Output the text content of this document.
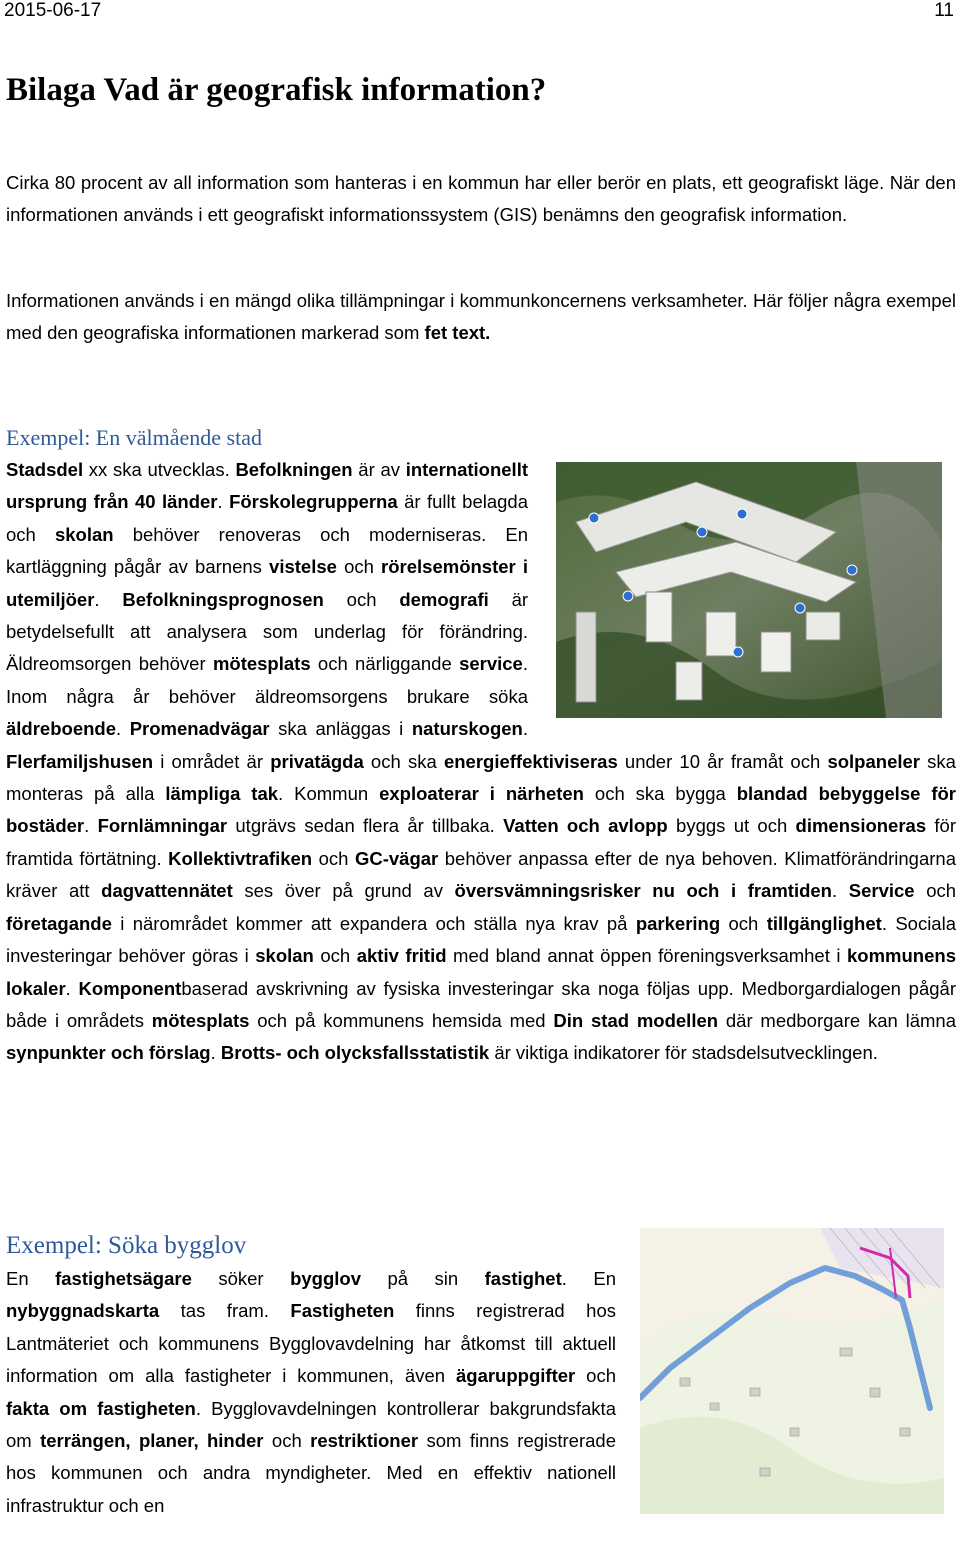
2015-06-17	11
Bilaga Vad är geografisk information?

Cirka 80 procent av all information som hanteras i en kommun har eller berör en plats, ett geografiskt läge. När den informationen används i ett geografiskt informationssystem (GIS) benämns den geografisk information.

Informationen används i en mängd olika tillämpningar i kommunkoncernens verksamheter. Här följer några exempel med den geografiska informationen markerad som fet text.

Exempel: En välmående stad
Stadsdel xx ska utvecklas. Befolkningen är av internationellt ursprung från 40 länder. Förskolegrupperna är fullt belagda och skolan behöver renoveras och moderniseras. En kartläggning pågår av barnens vistelse och rörelsemönster i utemiljöer. Befolkningsprognosen och demografi är betydelsefullt att analysera som underlag för förändring. Äldreomsorgen behöver mötesplats och närliggande service. Inom några år behöver äldreomsorgens brukare söka äldreboende. Promenadvägar ska anläggas i naturskogen. Flerfamiljshusen i området är privatägda och ska energieffektiviseras under 10 år framåt och solpaneler ska monteras på alla lämpliga tak. Kommun exploaterar i närheten och ska bygga blandad bebyggelse för bostäder. Fornlämningar utgrävs sedan flera år tillbaka. Vatten och avlopp byggs ut och dimensioneras för framtida förtätning. Kollektivtrafiken och GC-vägar behöver anpassa efter de nya behoven. Klimatförändringarna kräver att dagvattennätet ses över på grund av översvämningsrisker nu och i framtiden. Service och företagande i närområdet kommer att expandera och ställa nya krav på parkering och tillgänglighet. Sociala investeringar behöver göras i skolan och aktiv fritid med bland annat öppen föreningsverksamhet i kommunens lokaler. Komponentbaserad avskrivning av fysiska investeringar ska noga följas upp. Medborgardialogen pågår både i områdets mötesplats och på kommunens hemsida med Din stad modellen där medborgare kan lämna synpunkter och förslag. Brotts- och olycksfallsstatistik är viktiga indikatorer för stadsdelsutvecklingen.
Exempel: Söka bygglov
En fastighetsägare söker bygglov på sin fastighet. En nybyggnadskarta tas fram. Fastigheten finns registrerad hos Lantmäteriet och kommunens Bygglovavdelning har åtkomst till aktuell information om alla fastigheter i kommunen, även ägaruppgifter och fakta om fastigheten. Bygglovavdelningen kontrollerar bakgrundsfakta om terrängen, planer, hinder och restriktioner som finns registrerade hos kommunen och andra myndigheter. Med en effektiv nationell infrastruktur och en
